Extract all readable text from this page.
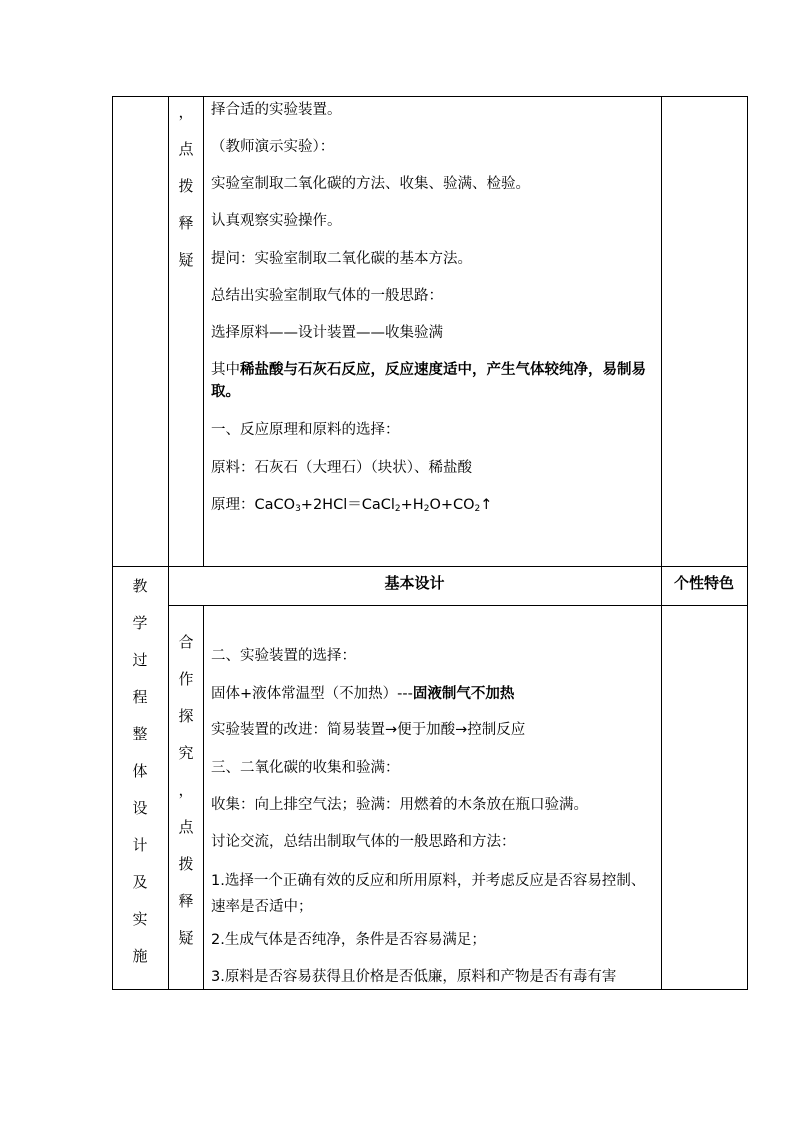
，
点
拨
释
疑
择合适的实验装置。
（教师演示实验）：
实验室制取二氧化碳的方法、收集、验满、检验。
认真观察实验操作。
提问：实验室制取二氧化碳的基本方法。
总结出实验室制取气体的一般思路：
选择原料——设计装置——收集验满
其中稀盐酸与石灰石反应，反应速度适中，产生气体较纯净，易制易取。
一、反应原理和原料的选择：
原料：石灰石（大理石）（块状）、稀盐酸
原理：$CaCO_3+2HCl=CaCl_2+H_2O+CO_2↑$
教
学
过
程
整
体
设
计
及
实
施
基本设计	个性特色
合
作
探
究
，
点
拨
释
疑
二、实验装置的选择：
固体+液体常温型（不加热）---固液制气不加热
实验装置的改进：简易装置→便于加酸→控制反应
三、二氧化碳的收集和验满：
收集：向上排空气法；验满：用燃着的木条放在瓶口验满。
讨论交流，总结出制取气体的一般思路和方法：
1.选择一个正确有效的反应和所用原料，并考虑反应是否容易控制、速率是否适中；
2.生成气体是否纯净，条件是否容易满足；
3.原料是否容易获得且价格是否低廉，原料和产物是否有毒有害
